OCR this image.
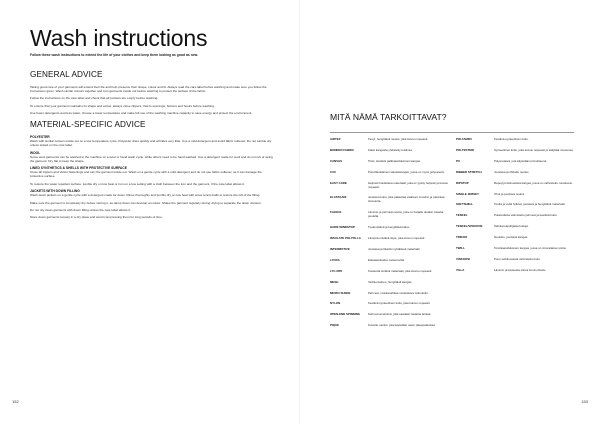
Wash instructions
Follow these wash instructions to extend the life of your clothes and keep them looking as good as new.
GENERAL ADVICE

Taking good care of your garments will extend their life and help preserve their shape, colour and fit. Always read the care label before washing and make sure you follow the instructions given. Wash similar colours together and turn garments inside out before washing to protect the surface of the fabric.

Follow the instructions on the care label and check that all pockets are empty before washing.

To ensure that your garment maintains its shape and colour, always close zippers, Velcro openings, buttons and hooks before washing.

Use fewer detergents and less water, choose a lower temperature and make full use of the washing machine capacity to save energy and protect the environment.

MATERIAL-SPECIFIC ADVICE
POLYESTER

Wash with similar colours inside out on a low temperature cycle. Polyester dries quickly and wrinkles very little. Use a mild detergent and avoid fabric softener. Do not tumble dry unless stated on the care label.

WOOL

Some wool garments can be washed in the machine on a wool or hand wash cycle, while others need to be hand washed. Use a detergent made for wool and do not rub or wring the garment. Dry flat to keep the shape.

LINED SYNTHETICS & SHELLS WITH PROTECTIVE SURFACE

Close all zippers and Velcro fastenings and turn the garment inside out. Wash on a gentle cycle with a mild detergent and do not use fabric softener, as it can damage the protective surface.

To restore the water repellent surface, tumble dry on low heat or iron on a low setting with a cloth between the iron and the garment, if the care label allows it.

JACKETS WITH DOWN FILLING

Wash down jackets on a gentle cycle with a detergent made for down. Rinse thoroughly and tumble dry on low heat with a few tennis balls to restore the loft of the filling.

Make sure the garment is completely dry before storing it, as damp down can develop an odour. Shake the garment regularly during drying to separate the down clusters.

Do not dry clean garments with down filling unless the care label allows it.

Store down garments loosely in a dry place and avoid compressing them for long periods of time.

152	153
MITÄ NÄMÄ TARKOITTAVAT?
AIRTEX	Kevyt, hengittävä neulos, joka kuivuu nopeasti.
BONDED FABRIC	Kaksi kangasta yhdistetty toisiinsa.
CANVAS	Tiivis, kestävä palttinasidoksinen kangas.
CVC	Puuvillavaltainen sekoitekangas, jossa on myös polyesteria.
EASY CARE	Helposti hoidettava materiaali, joka ei rypisty helposti ja kuivuu nopeasti.
ELASTAANI	Joustava kuitu, joka palauttaa vaatteen muodon ja parantaa istuvuutta.
FLEECE	Lämmin ja pehmeä neulos, joka on harjattu ainakin toiselta puolelta.
GORE WINDSTOP	Tuulenpitävä ja hengittävä kalvo.
INSULATE POLYFILLA	Lämpöä eristävä täyte, joka kuivuu nopeasti.
INTERMOTIVE	Joustava ja liikettä myötäilevä materiaali.
LYCRA	Elastaanikuidun tuotemerkki.
LYC-DRY	Kosteutta siirtävä materiaali, joka kuivuu nopeasti.
MESH	Verkkomainen, hengittävä kangas.
MICRO SUEDE	Pehmeä, mokkanahkaa muistuttava mikrokuitu.
NYLON	Kestävä synteettinen kuitu, joka kuivuu nopeasti.
OPEN-END SPINNING	Kehruumenetelmä, jolla saadaan tasaista lankaa.
PIQUE	Kuvioitu neulos, jota käytetään usein pikeepaidoissa.
POLYAMIDI	Kestävä synteettinen kuitu.
POLYESTERI	Synteettinen kuitu, joka kuivuu nopeasti ja säilyttää muotonsa.
PU	Polyuretaani, jota käytetään pinnoitteena.
RIBBED STRETCH	Joustava ja ribbattu neulos.
RIPSTOP	Repeytymistä estävä kangas, jossa on vahvistettu ruutukuvio.
SINGLE JERSEY	Ohut ja joustava neulos.
SOFTSHELL	Tuulta ja vettä hylkivä, joustava ja hengittävä materiaali.
TENCEL	Puukuidusta valmistettu pehmeä ja kestävä kuitu.
TENCEL/VISKOOSI	Selluloosapohjaisia kuituja.
TRIKOO	Neulottu, joustava kangas.
TWILL	Toimikassidoksinen kangas, jossa on vinoraitainen pinta.
VISKOOSI	Puun selluloosasta valmistettu kuitu.
VILLA	Lämmin ja kosteutta sitova luonnonkuitu.
